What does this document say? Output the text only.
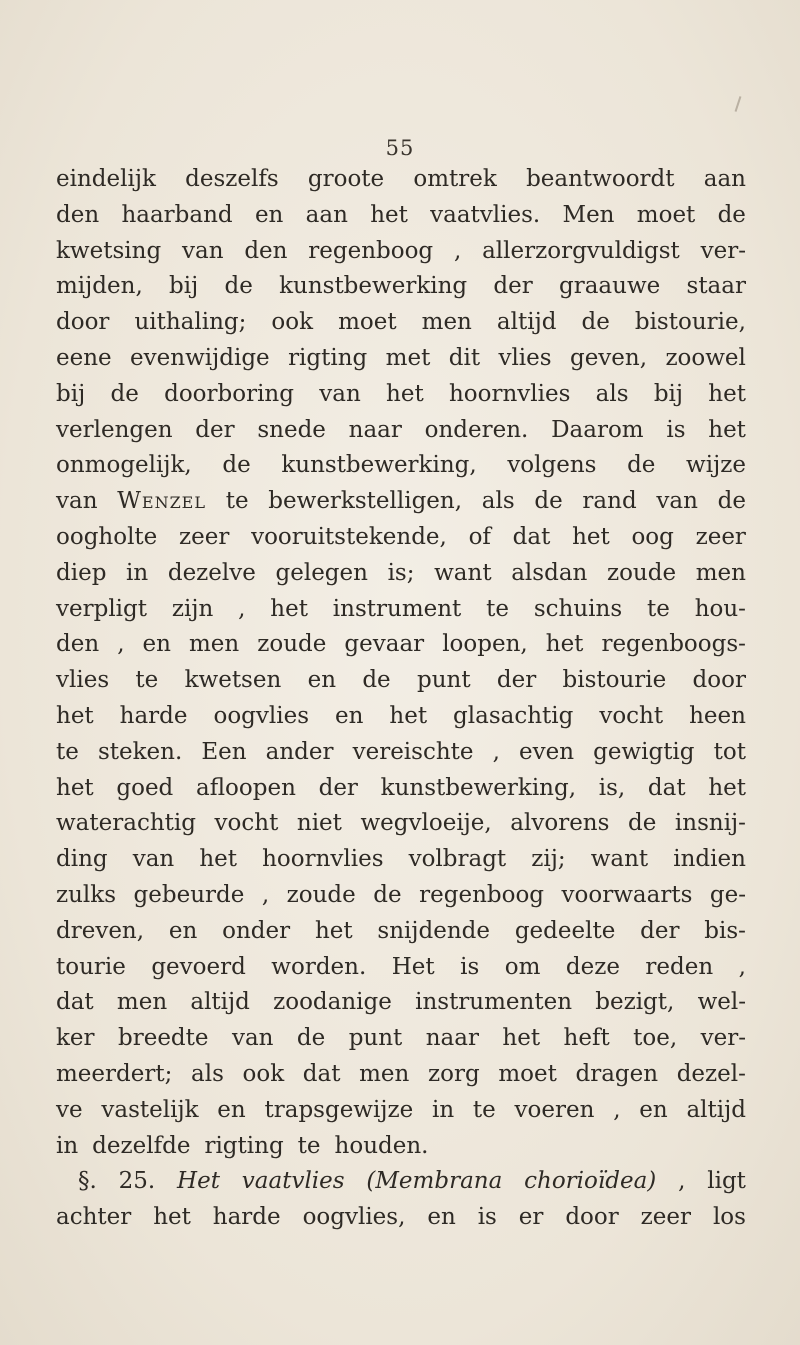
55
eindelijk deszelfs groote omtrek beantwoordt aan
den haarband en aan het vaatvlies. Men moet de
kwetsing van den regenboog , allerzorgvuldigst ver-
mijden, bij de kunstbewerking der graauwe staar
door uithaling; ook moet men altijd de bistourie,
eene evenwijdige rigting met dit vlies geven, zoowel
bij de doorboring van het hoornvlies als bij het
verlengen der snede naar onderen. Daarom is het
onmogelijk, de kunstbewerking, volgens de wijze
van Wenzel te bewerkstelligen, als de rand van de
oogholte zeer vooruitstekende, of dat het oog zeer
diep in dezelve gelegen is; want alsdan zoude men
verpligt zijn , het instrument te schuins te hou-
den , en men zoude gevaar loopen, het regenboogs-
vlies te kwetsen en de punt der bistourie door
het harde oogvlies en het glasachtig vocht heen
te steken. Een ander vereischte , even gewigtig tot
het goed afloopen der kunstbewerking, is, dat het
waterachtig vocht niet wegvloeije, alvorens de insnij-
ding van het hoornvlies volbragt zij; want indien
zulks gebeurde , zoude de regenboog voorwaarts ge-
dreven, en onder het snijdende gedeelte der bis-
tourie gevoerd worden. Het is om deze reden ,
dat men altijd zoodanige instrumenten bezigt, wel-
ker breedte van de punt naar het heft toe, ver-
meerdert; als ook dat men zorg moet dragen dezel-
ve vastelijk en trapsgewijze in te voeren , en altijd
in dezelfde rigting te houden.
§. 25. Het vaatvlies (Membrana chorioïdea) , ligt
achter het harde oogvlies, en is er door zeer los
